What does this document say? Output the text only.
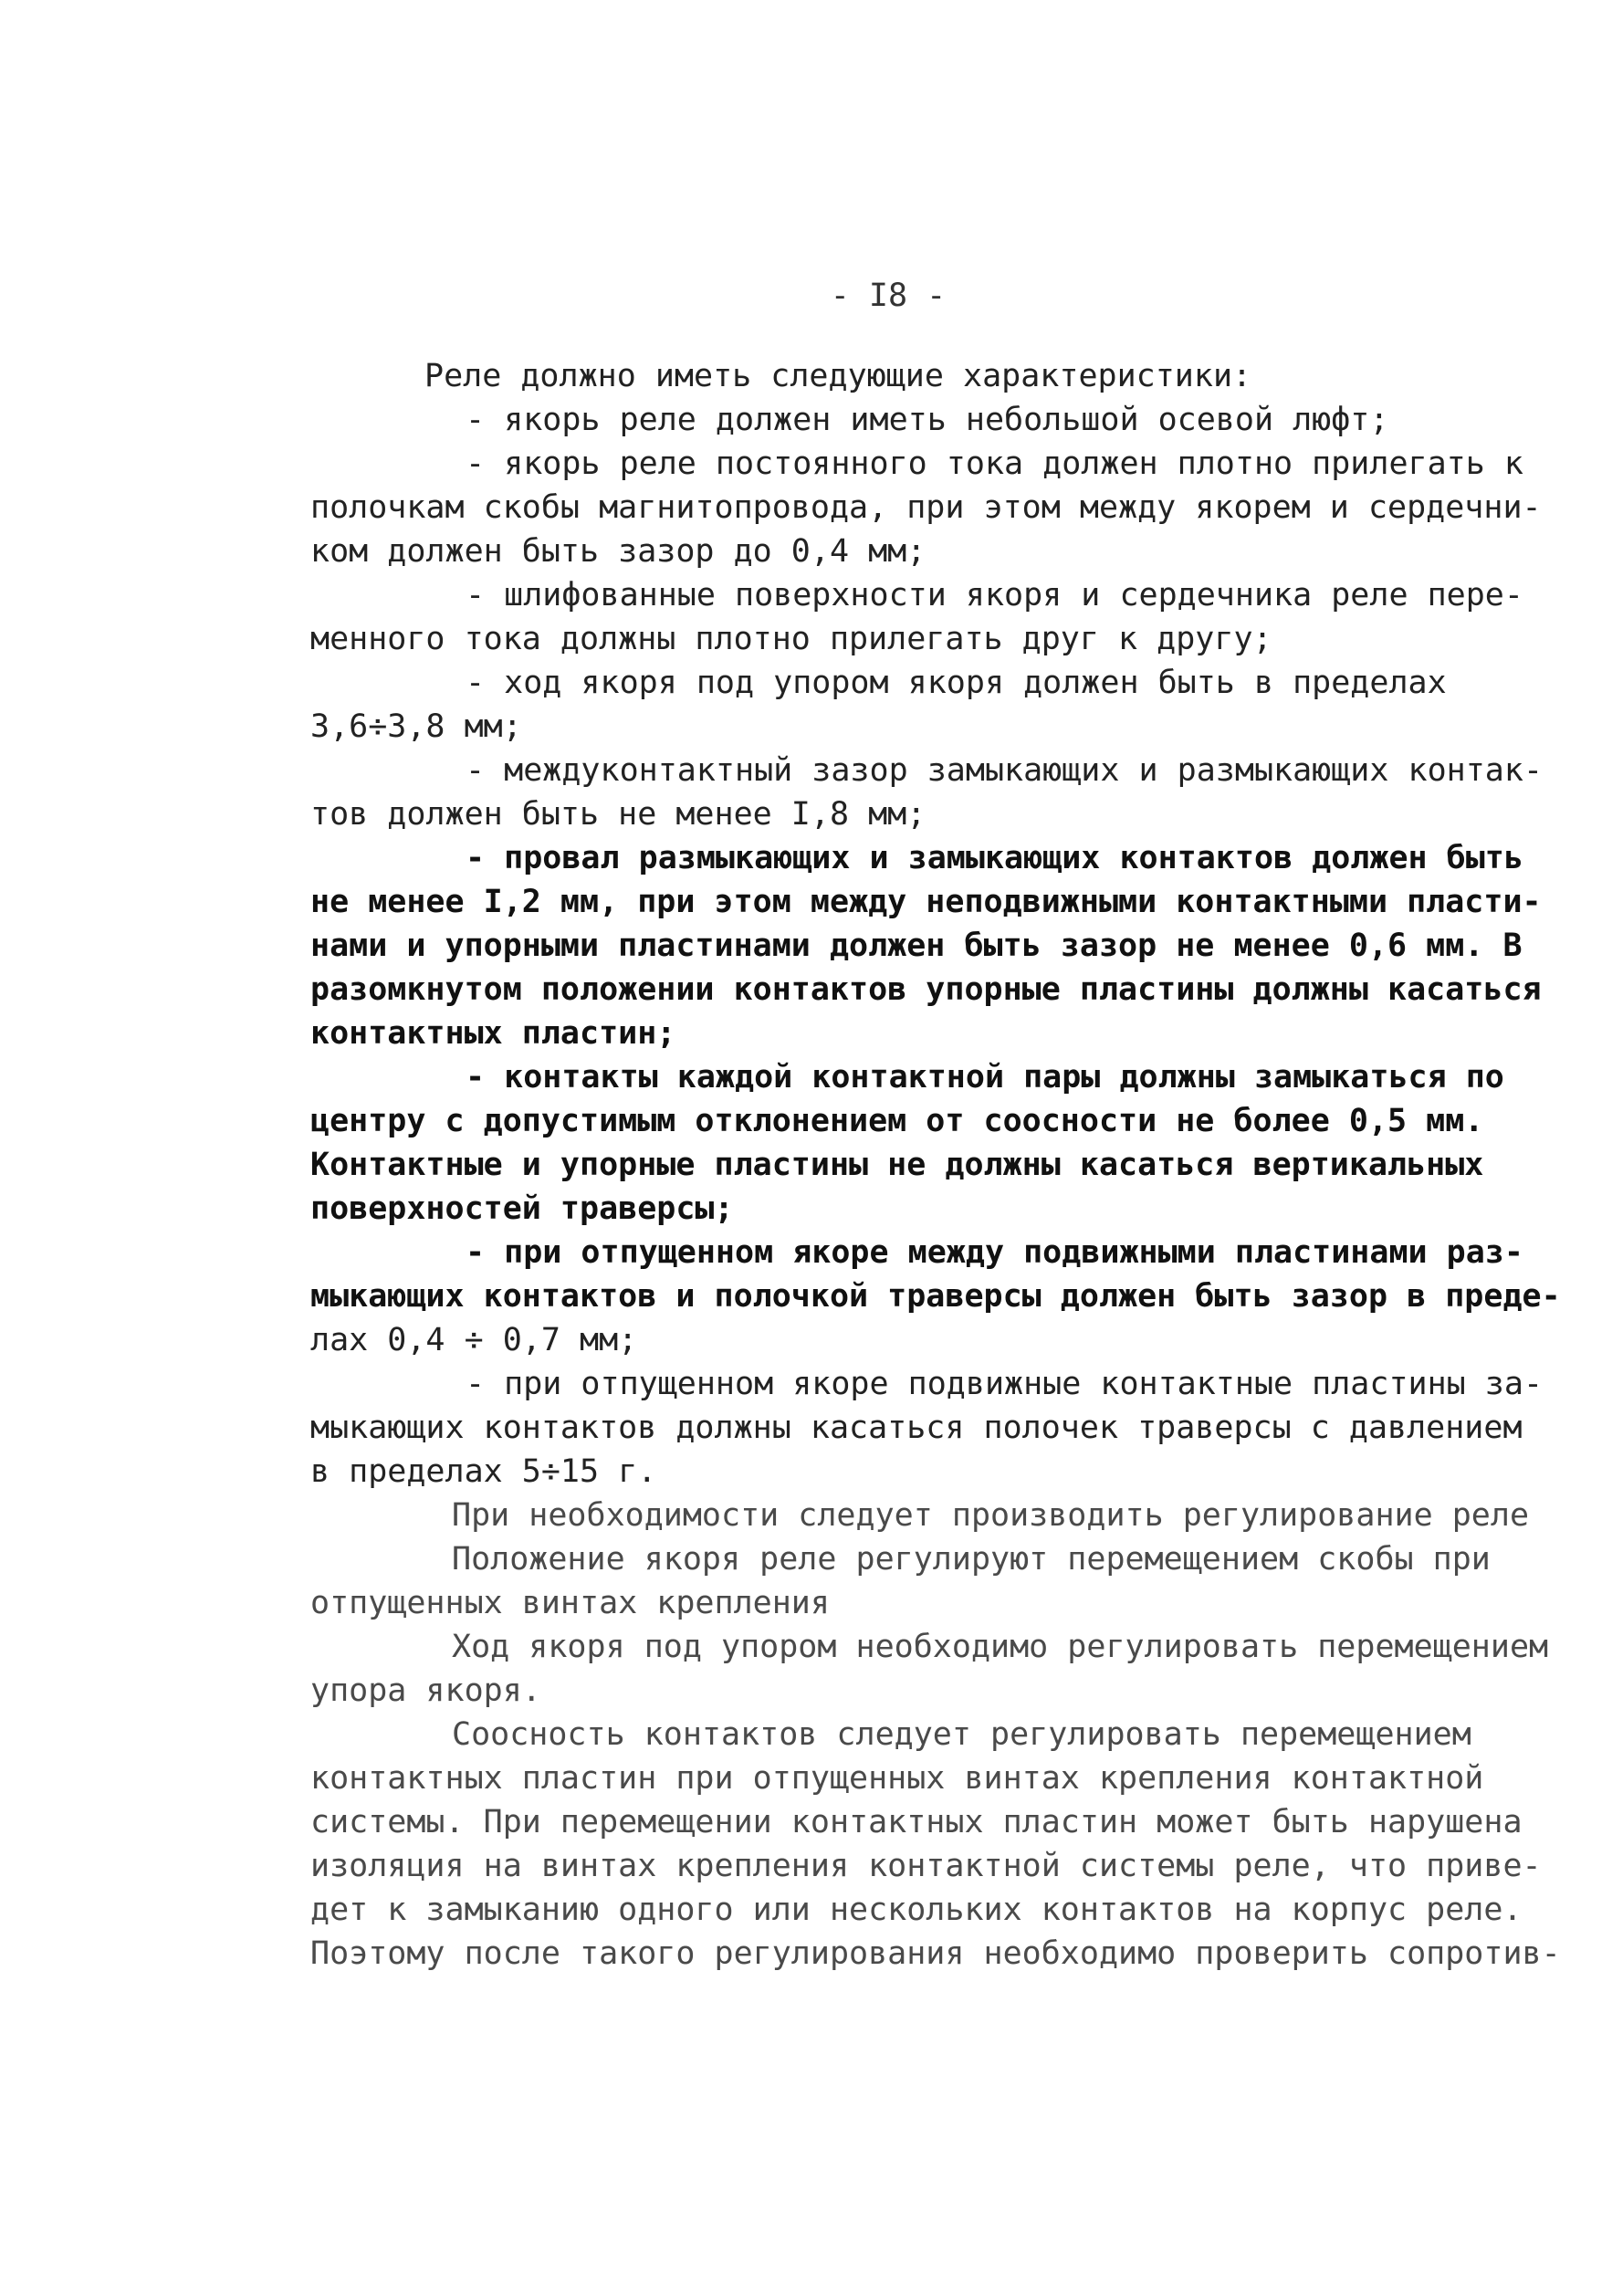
- I8 -
Реле должно иметь следующие характеристики:
- якорь реле должен иметь небольшой осевой люфт;
- якорь реле постоянного тока должен плотно прилегать к
полочкам скобы магнитопровода, при этом между якорем и сердечни-
ком должен быть зазор до 0,4 мм;
- шлифованные поверхности якоря и сердечника реле пере-
менного тока должны плотно прилегать друг к другу;
- ход якоря под упором якоря должен быть в пределах
3,6÷3,8 мм;
- междуконтактный зазор замыкающих и размыкающих контак-
тов должен быть не менее I,8 мм;
- провал размыкающих и замыкающих контактов должен быть
не менее I,2 мм, при этом между неподвижными контактными пласти-
нами и упорными пластинами должен быть зазор не менее 0,6 мм. В
разомкнутом положении контактов упорные пластины должны касаться
контактных пластин;
- контакты каждой контактной пары должны замыкаться по
центру с допустимым отклонением от соосности не более 0,5 мм.
Контактные и упорные пластины не должны касаться вертикальных
поверхностей траверсы;
- при отпущенном якоре между подвижными пластинами раз-
мыкающих контактов и полочкой траверсы должен быть зазор в преде-
лах 0,4 ÷ 0,7 мм;
- при отпущенном якоре подвижные контактные пластины за-
мыкающих контактов должны касаться полочек траверсы с давлением
в пределах 5÷15 г.
При необходимости следует производить регулирование реле
Положение якоря реле регулируют перемещением скобы при
отпущенных винтах крепления
Ход якоря под упором необходимо регулировать перемещением
упора якоря.
Соосность контактов следует регулировать перемещением
контактных пластин при отпущенных винтах крепления контактной
системы. При перемещении контактных пластин может быть нарушена
изоляция на винтах крепления контактной системы реле, что приве-
дет к замыканию одного или нескольких контактов на корпус реле.
Поэтому после такого регулирования необходимо проверить сопротив-
